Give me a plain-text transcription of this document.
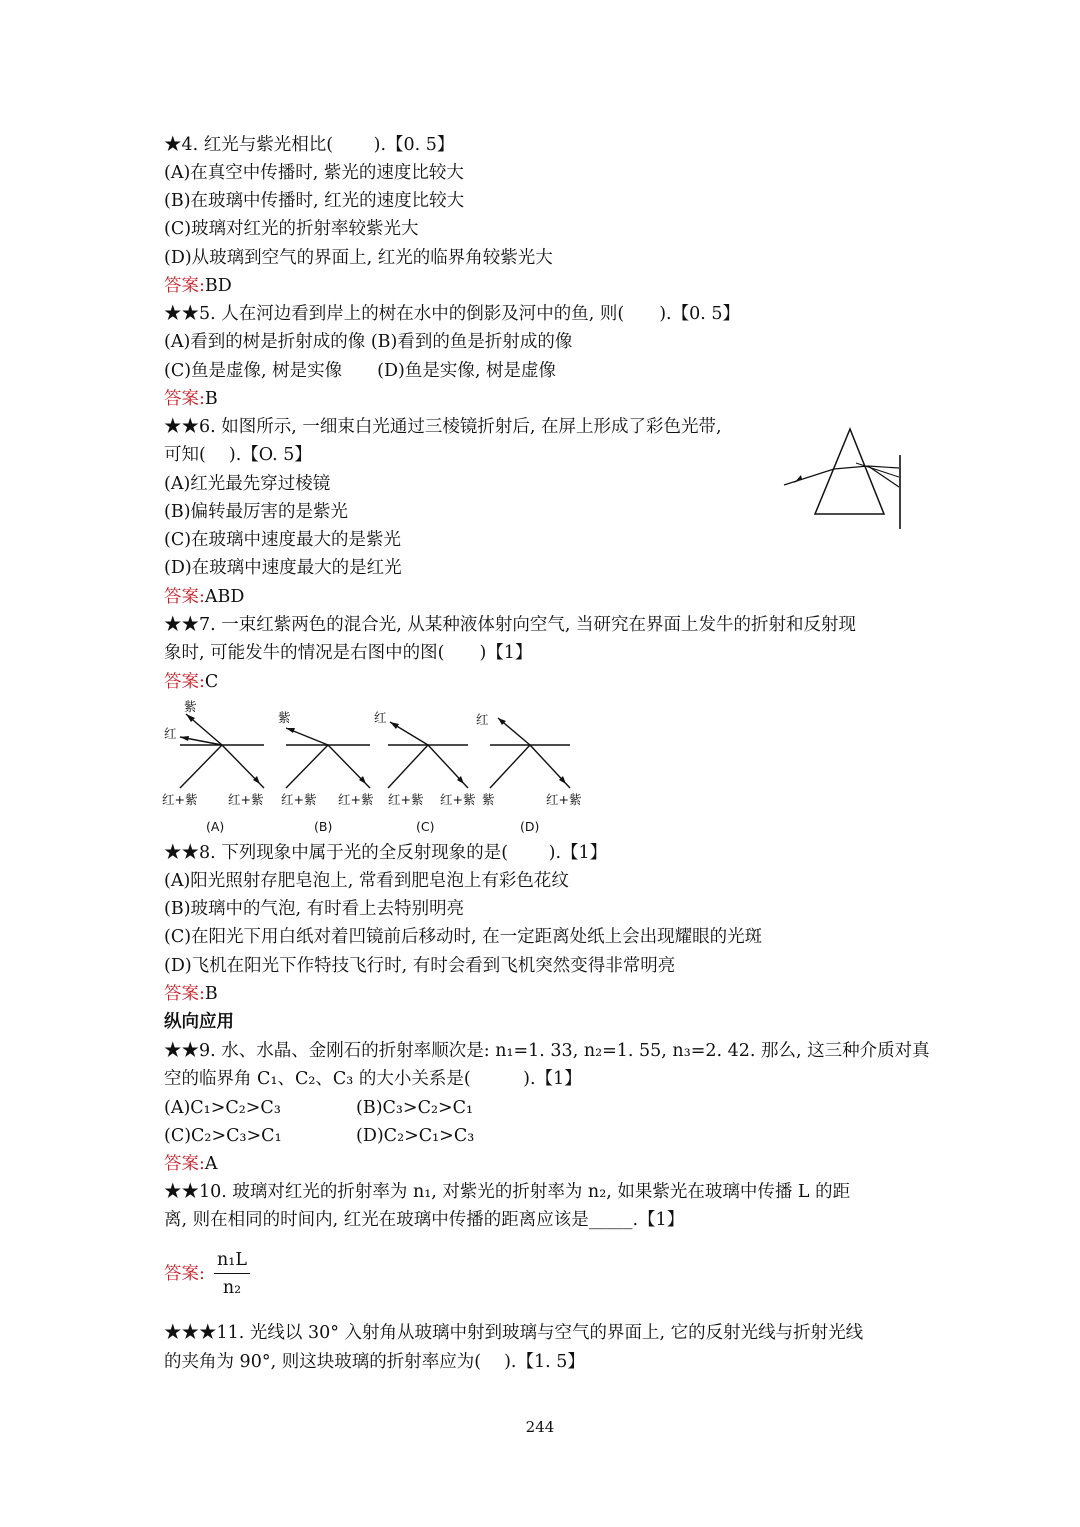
★4. 红光与紫光相比(　　 ).【0. 5】
(A)在真空中传播时, 紫光的速度比较大
(B)在玻璃中传播时, 红光的速度比较大
(C)玻璃对红光的折射率较紫光大
(D)从玻璃到空气的界面上, 红光的临界角较紫光大
答案:BD
★★5. 人在河边看到岸上的树在水中的倒影及河中的鱼, 则(　　).【0. 5】
(A)看到的树是折射成的像 (B)看到的鱼是折射成的像
(C)鱼是虚像, 树是实像　　(D)鱼是实像, 树是虚像
答案:B
★★6. 如图所示, 一细束白光通过三棱镜折射后, 在屏上形成了彩色光带,
可知(　 ).【O. 5】
(A)红光最先穿过棱镜
(B)偏转最厉害的是紫光
(C)在玻璃中速度最大的是紫光
(D)在玻璃中速度最大的是红光
答案:ABD
★★7. 一束红紫两色的混合光, 从某种液体射向空气, 当研究在界面上发牛的折射和反射现
象时, 可能发牛的情况是右图中的图(　　)【1】
答案:C
紫
红
紫	红	红
红+紫 红+紫 红+紫 红+紫 红+紫 红+紫 紫	红+紫
(A)	(B)	(C)	(D)
★★8. 下列现象中属于光的全反射现象的是(　　 ).【1】
(A)阳光照射存肥皂泡上, 常看到肥皂泡上有彩色花纹
(B)玻璃中的气泡, 有时看上去特别明亮
(C)在阳光下用白纸对着凹镜前后移动时, 在一定距离处纸上会出现耀眼的光斑
(D)飞机在阳光下作特技飞行时, 有时会看到飞机突然变得非常明亮
答案:B
纵向应用
★★9. 水、水晶、金刚石的折射率顺次是: n₁=1. 33, n₂=1. 55, n₃=2. 42. 那么, 这三种介质对真
空的临界角 C₁、C₂、C₃ 的大小关系是(　　　).【1】
(A)C₁>C₂>C₃	(B)C₃>C₂>C₁
(C)C₂>C₃>C₁	(D)C₂>C₁>C₃
答案:A
★★10. 玻璃对红光的折射率为 n₁, 对紫光的折射率为 n₂, 如果紫光在玻璃中传播 L 的距
离, 则在相同的时间内, 红光在玻璃中传播的距离应该是_____.【1】
答案: $\frac{\text{n₁L}}{\text{n₂}}$
★★★11. 光线以 30° 入射角从玻璃中射到玻璃与空气的界面上, 它的反射光线与折射光线
的夹角为 90°, 则这块玻璃的折射率应为(　 ).【1. 5】
244
